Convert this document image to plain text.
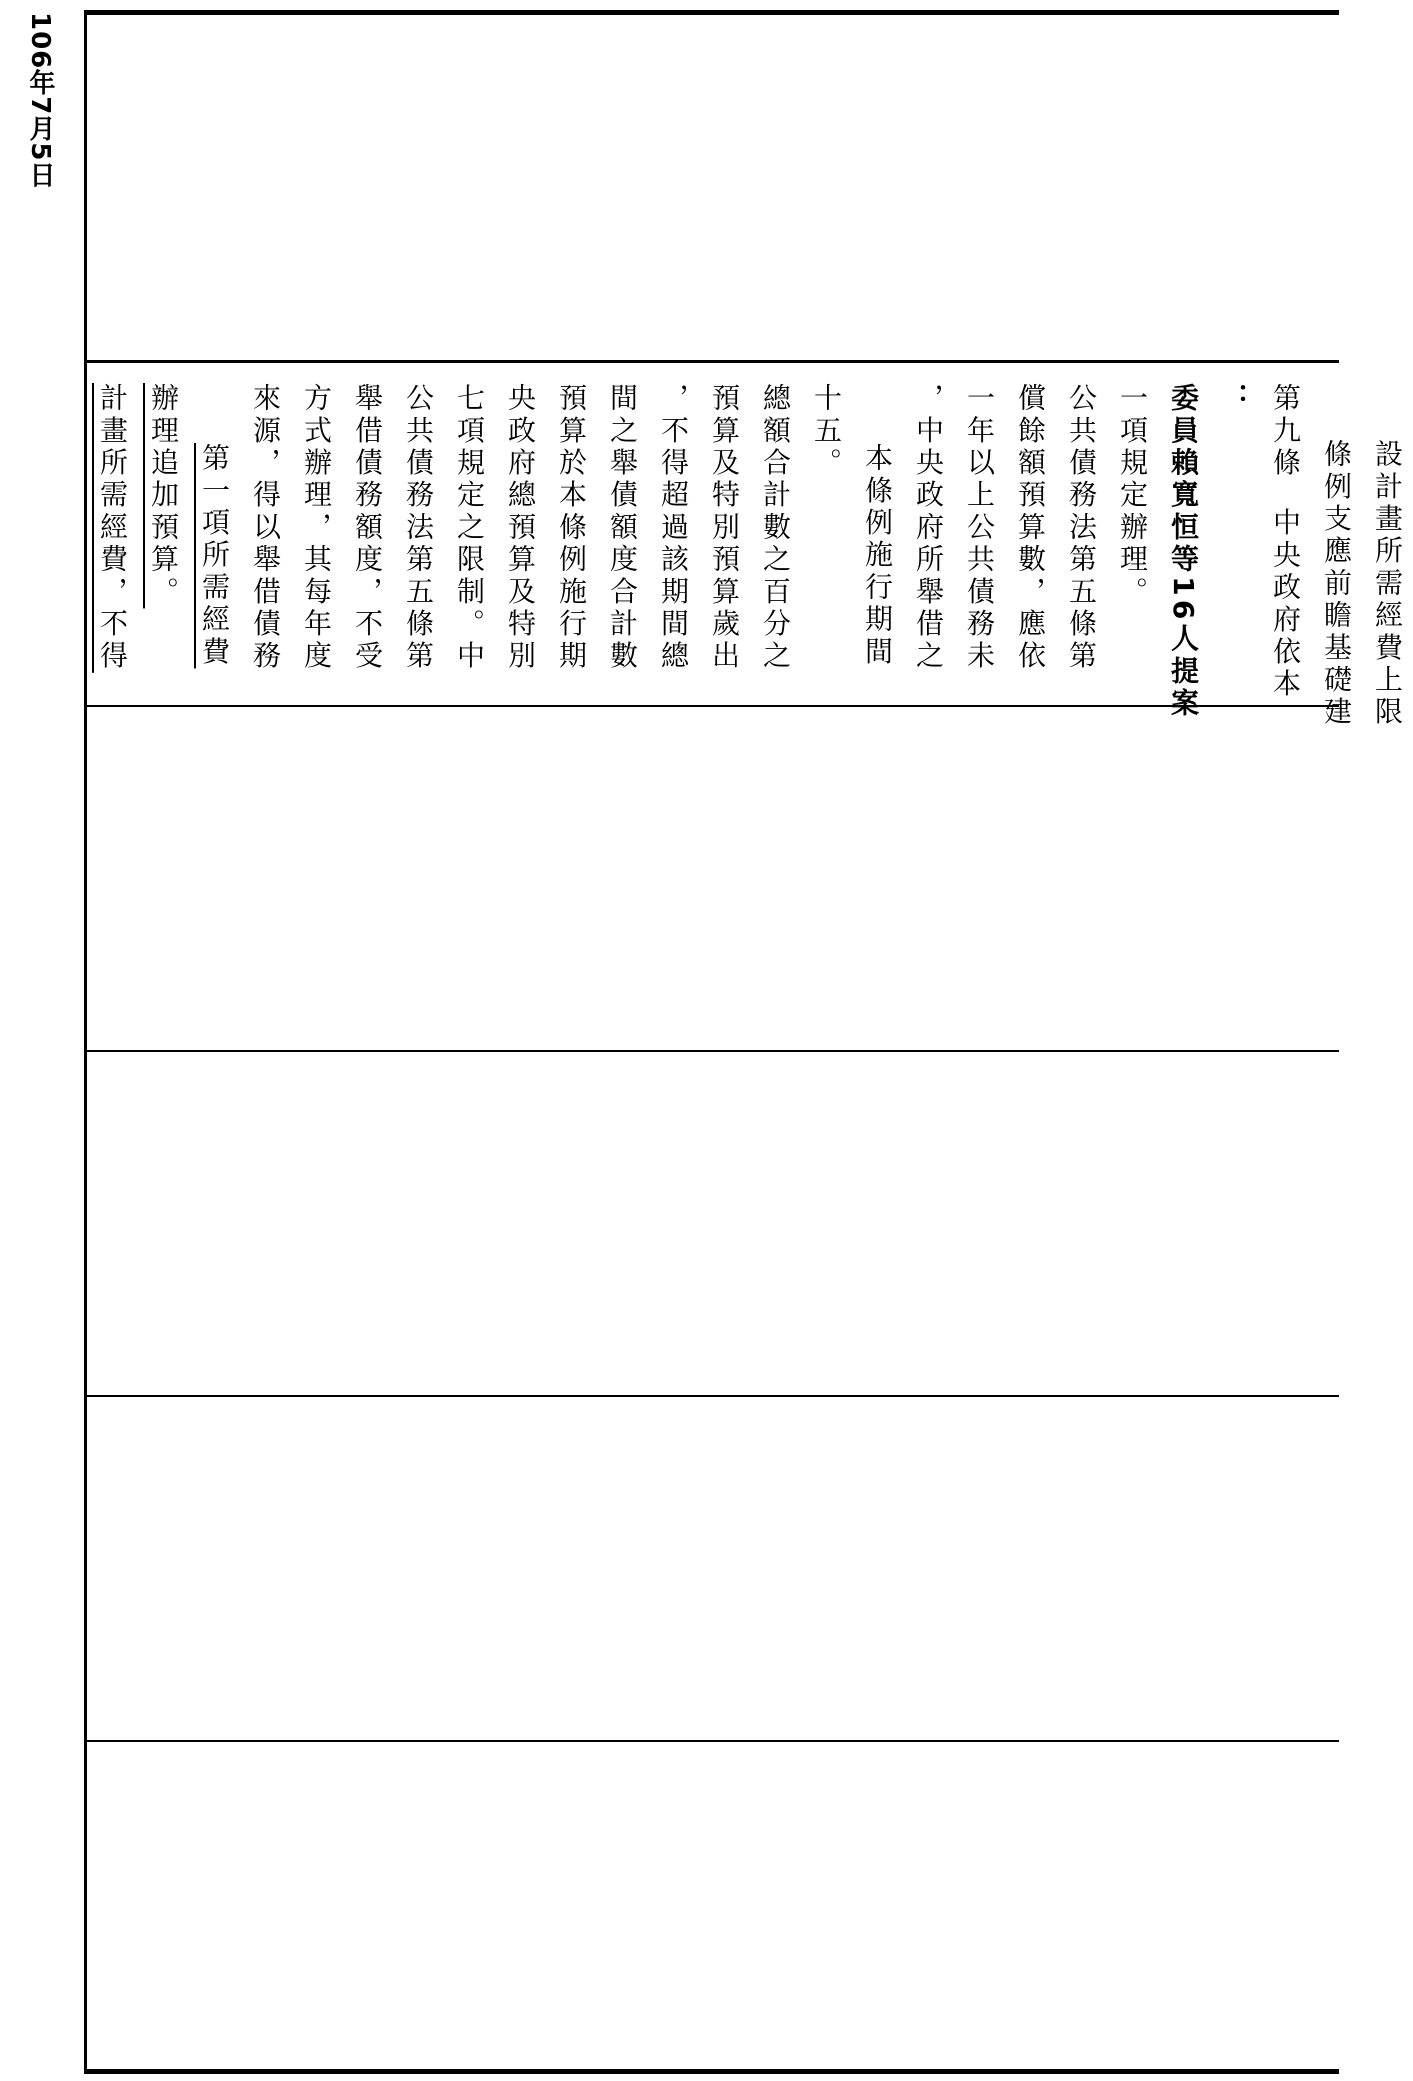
106年7月5日
計畫所需經費，不得 辦理追加預算。 第一項所需經費 來源，得以舉借債務 方式辦理，其每年度 舉借債務額度，不受 公共債務法第五條第 七項規定之限制。中 央政府總預算及特別 預算於本條例施行期 間之舉債額度合計數 ，不得超過該期間總 預算及特別預算歲出 總額合計數之百分之 十五。
本條例施行期間 ，中央政府所舉借之 一年以上公共債務未 償餘額預算數，應依 公共債務法第五條第 一項規定辦理。 委員賴寬恒等16人提案 ： 第九條中央政府依本 條例支應前瞻基礎建 設計畫所需經費上限
